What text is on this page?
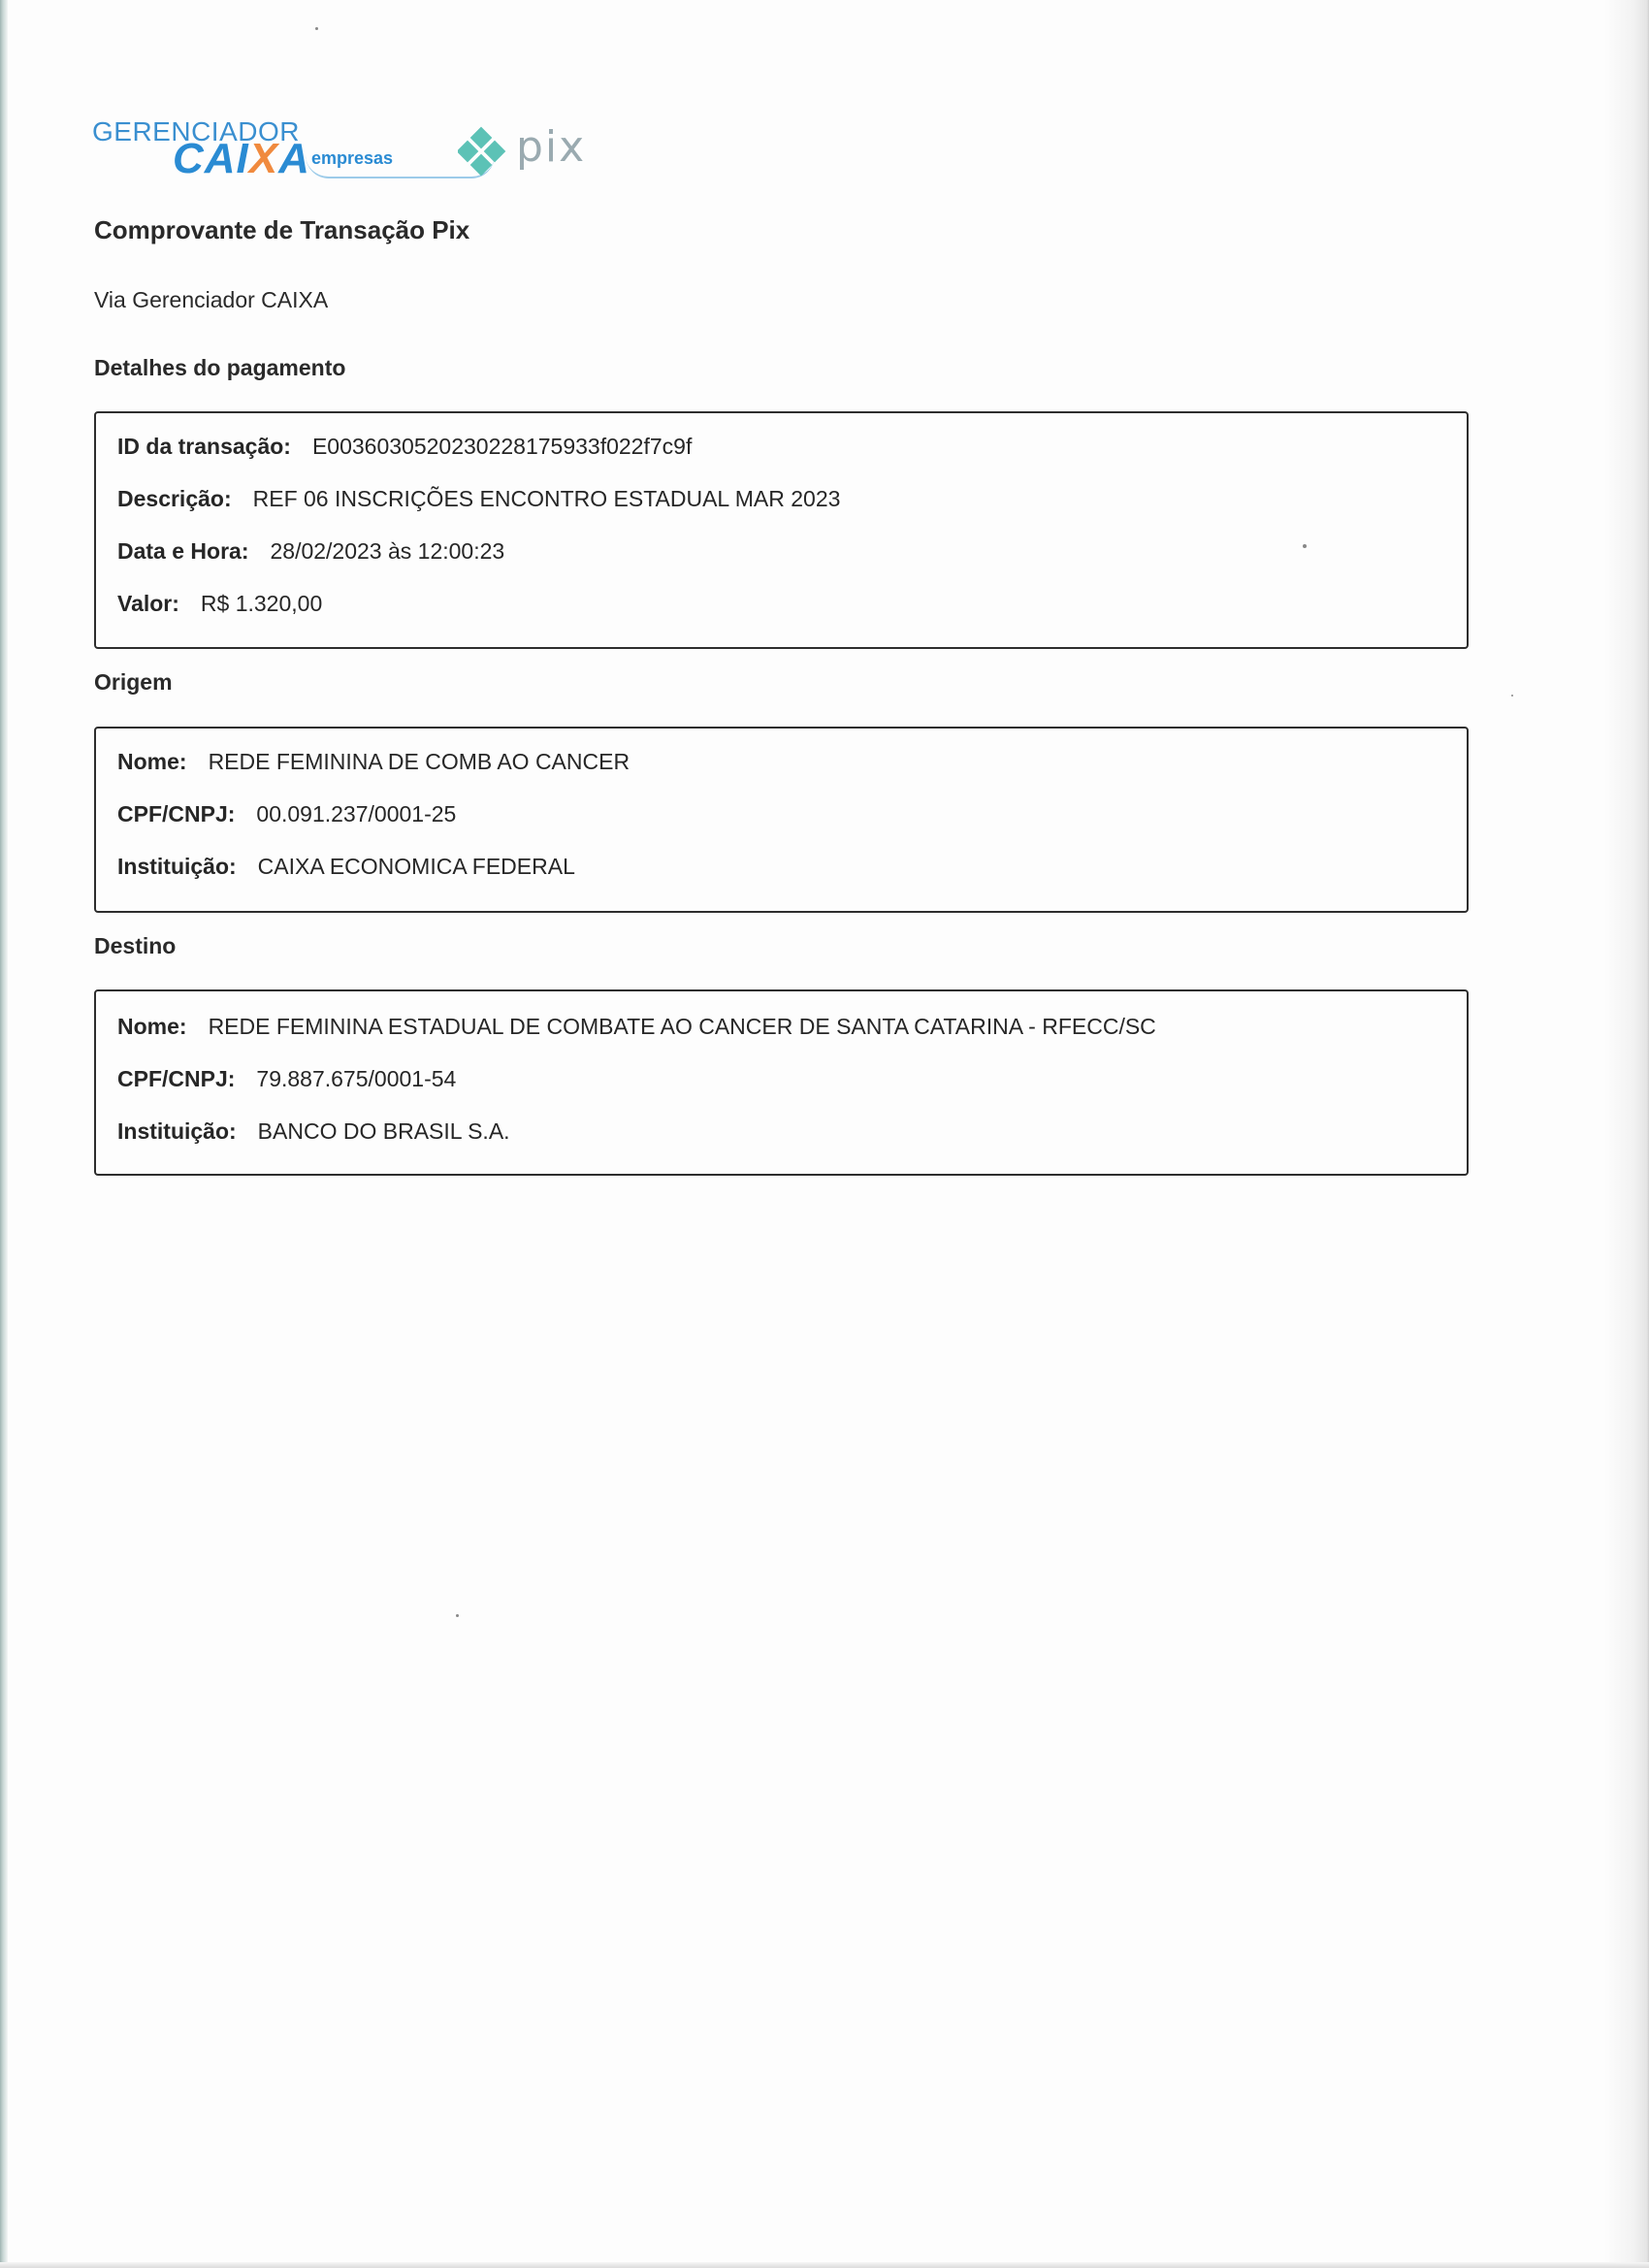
GERENCIADOR
CAIXA empresas	pix
Comprovante de Transação Pix
Via Gerenciador CAIXA
Detalhes do pagamento
ID da transação: E00360305202302281759​33f022f7c9f
Descrição: REF 06 INSCRIÇÕES ENCONTRO ESTADUAL MAR 2023
Data e Hora: 28/02/2023 às 12:00:23
Valor: R$ 1.320,00
Origem
Nome: REDE FEMININA DE COMB AO CANCER
CPF/CNPJ: 00.091.237/0001-25
Instituição: CAIXA ECONOMICA FEDERAL
Destino
Nome: REDE FEMININA ESTADUAL DE COMBATE AO CANCER DE SANTA CATARINA - RFECC/SC
CPF/CNPJ: 79.887.675/0001-54
Instituição: BANCO DO BRASIL S.A.
